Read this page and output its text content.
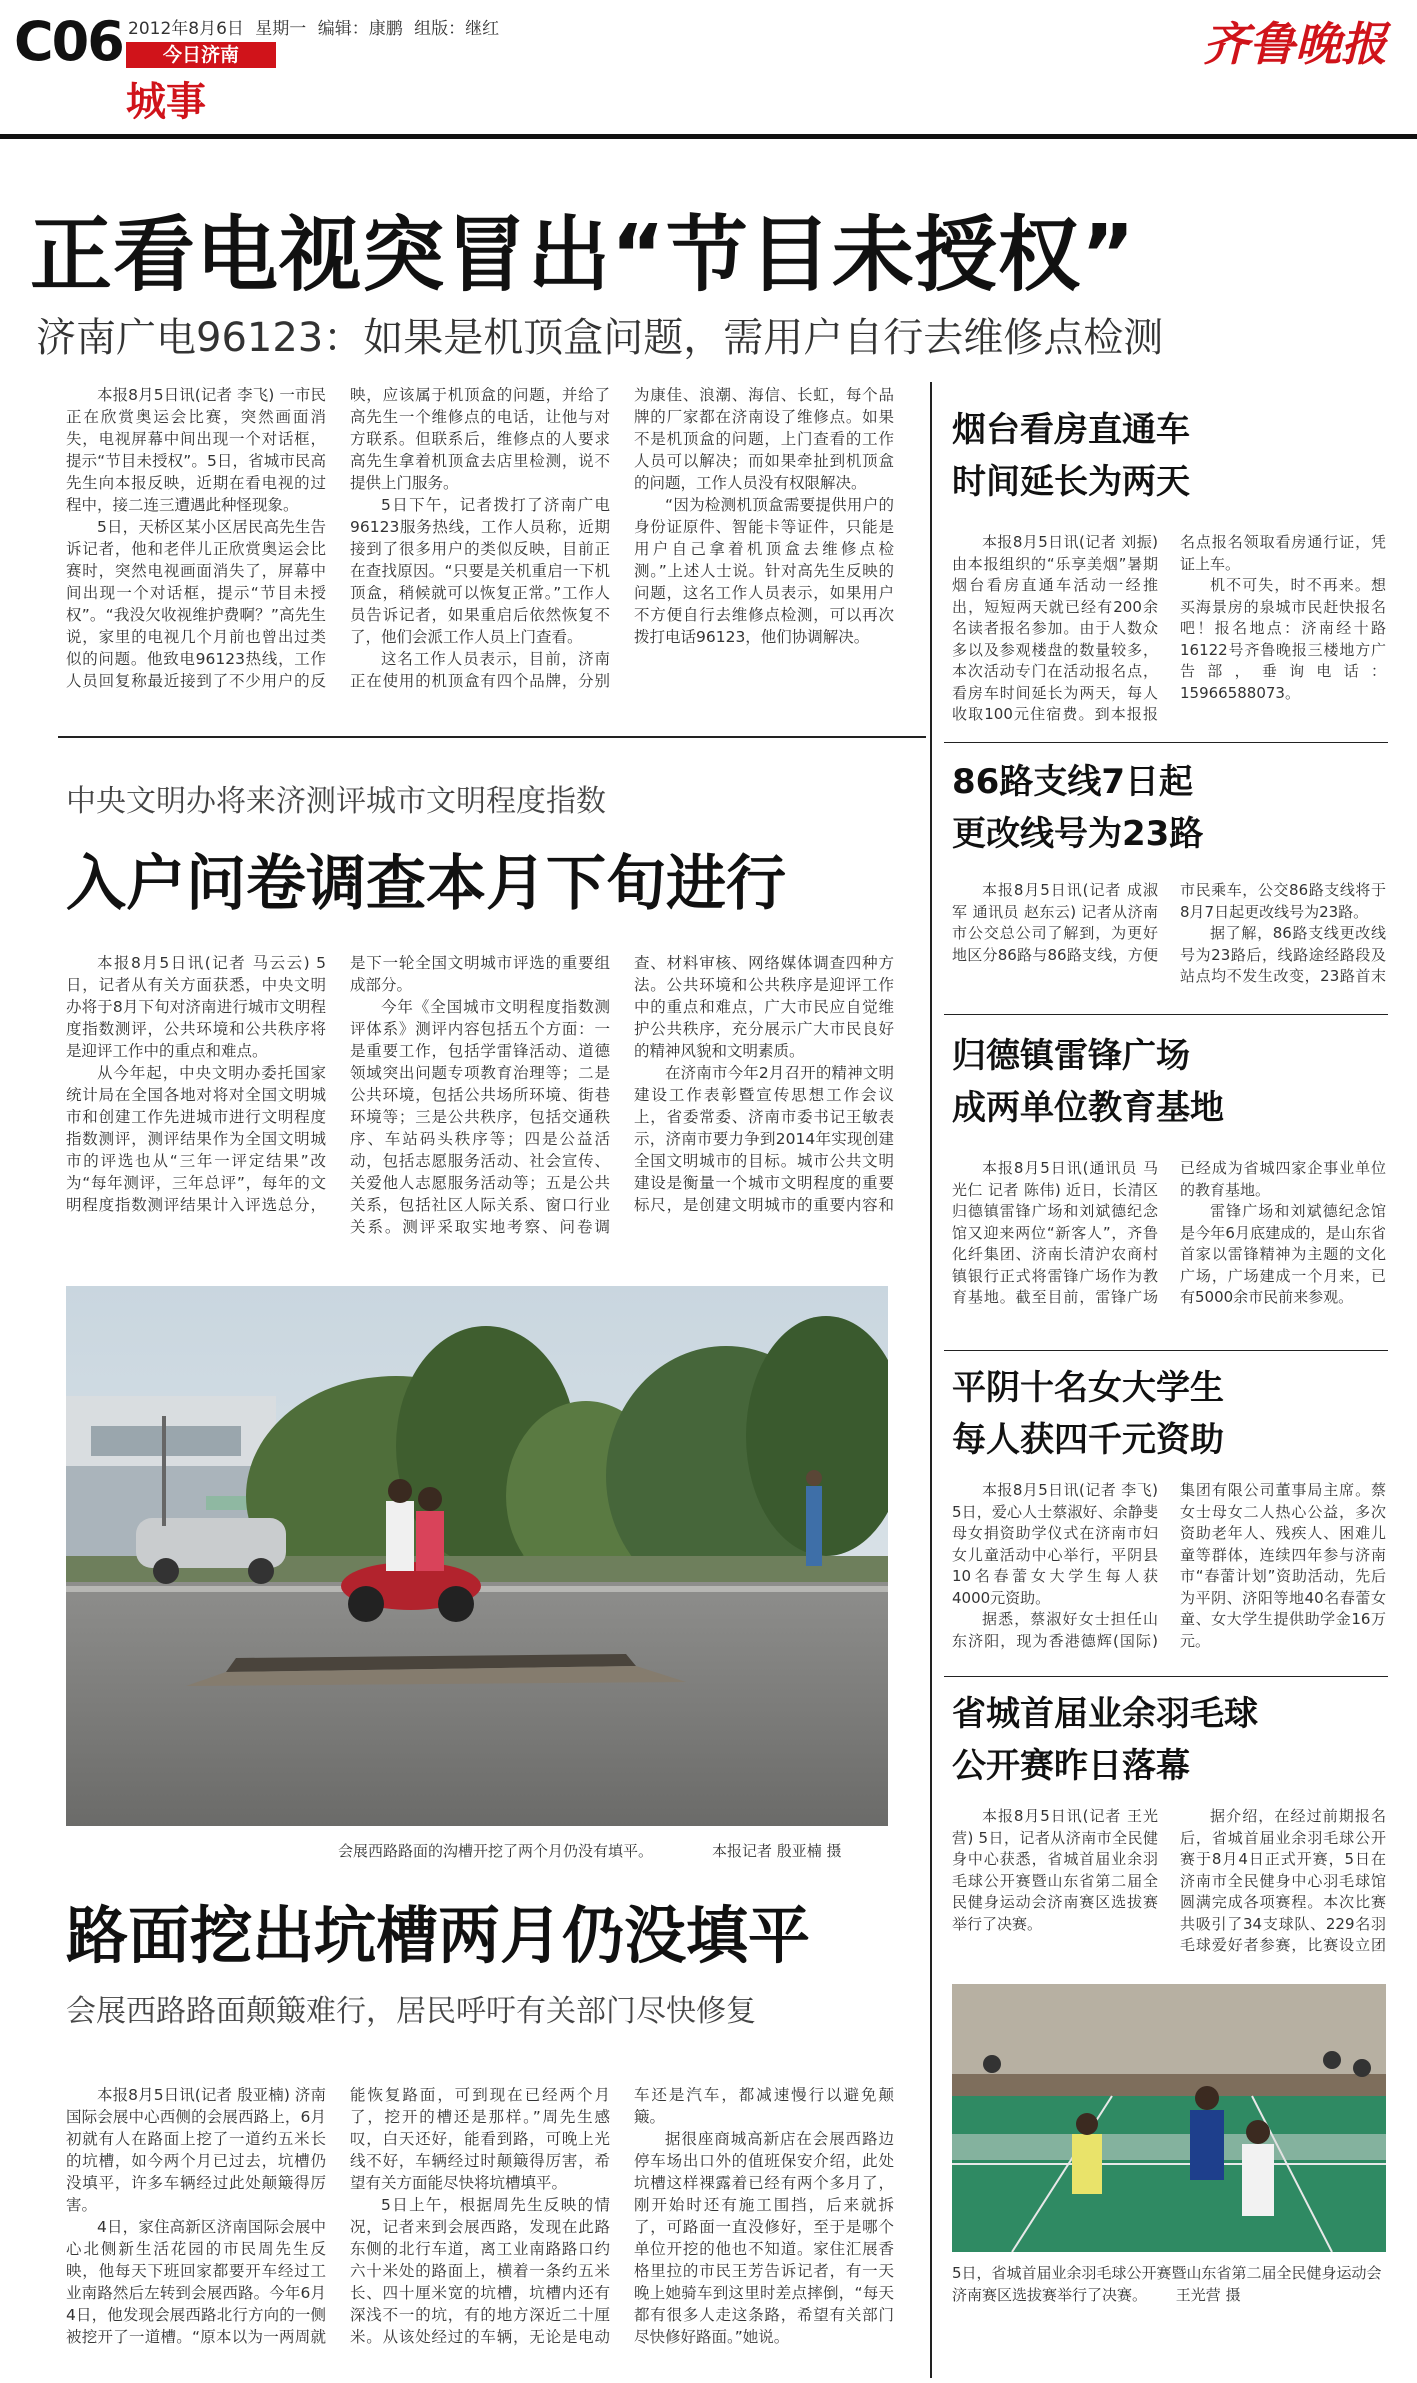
C06 2012年8月6日 星期一 编辑：康鹏 组版：继红
今日济南
城事
齐鲁晚报
正看电视突冒出“节目未授权”
济南广电96123：如果是机顶盒问题，需用户自行去维修点检测

本报8月5日讯(记者 李飞) 一市民正在欣赏奥运会比赛，突然画面消失，电视屏幕中间出现一个对话框，提示“节目未授权”。5日，省城市民高先生向本报反映，近期在看电视的过程中，接二连三遭遇此种怪现象。

5日，天桥区某小区居民高先生告诉记者，他和老伴儿正欣赏奥运会比赛时，突然电视画面消失了，屏幕中间出现一个对话框，提示“节目未授权”。“我没欠收视维护费啊？”高先生说，家里的电视几个月前也曾出过类似的问题。他致电96123热线，工作人员回复称最近接到了不少用户的反映，应该属于机顶盒的问题，并给了高先生一个维修点的电话，让他与对方联系。但联系后，维修点的人要求高先生拿着机顶盒去店里检测，说不提供上门服务。

5日下午，记者拨打了济南广电96123服务热线，工作人员称，近期接到了很多用户的类似反映，目前正在查找原因。“只要是关机重启一下机顶盒，稍候就可以恢复正常。”工作人员告诉记者，如果重启后依然恢复不了，他们会派工作人员上门查看。

这名工作人员表示，目前，济南正在使用的机顶盒有四个品牌，分别为康佳、浪潮、海信、长虹，每个品牌的厂家都在济南设了维修点。如果不是机顶盒的问题，上门查看的工作人员可以解决；而如果牵扯到机顶盒的问题，工作人员没有权限解决。

“因为检测机顶盒需要提供用户的身份证原件、智能卡等证件，只能是用户自己拿着机顶盒去维修点检测。”上述人士说。针对高先生反映的问题，这名工作人员表示，如果用户不方便自行去维修点检测，可以再次拨打电话96123，他们协调解决。

中央文明办将来济测评城市文明程度指数
入户问卷调查本月下旬进行

本报8月5日讯(记者 马云云) 5日，记者从有关方面获悉，中央文明办将于8月下旬对济南进行城市文明程度指数测评，公共环境和公共秩序将是迎评工作中的重点和难点。

从今年起，中央文明办委托国家统计局在全国各地对将对全国文明城市和创建工作先进城市进行文明程度指数测评，测评结果作为全国文明城市的评选也从“三年一评定结果”改为“每年测评，三年总评”，每年的文明程度指数测评结果计入评选总分，是下一轮全国文明城市评选的重要组成部分。

今年《全国城市文明程度指数测评体系》测评内容包括五个方面：一是重要工作，包括学雷锋活动、道德领域突出问题专项教育治理等；二是公共环境，包括公共场所环境、街巷环境等；三是公共秩序，包括交通秩序、车站码头秩序等；四是公益活动，包括志愿服务活动、社会宣传、关爱他人志愿服务活动等；五是公共关系，包括社区人际关系、窗口行业关系。测评采取实地考察、问卷调查、材料审核、网络媒体调查四种方法。公共环境和公共秩序是迎评工作中的重点和难点，广大市民应自觉维护公共秩序，充分展示广大市民良好的精神风貌和文明素质。

在济南市今年2月召开的精神文明建设工作表彰暨宣传思想工作会议上，省委常委、济南市委书记王敏表示，济南市要力争到2014年实现创建全国文明城市的目标。城市公共文明建设是衡量一个城市文明程度的重要标尺，是创建文明城市的重要内容和

会展西路路面的沟槽开挖了两个月仍没有填平。	本报记者 殷亚楠 摄
路面挖出坑槽两月仍没填平
会展西路路面颠簸难行，居民呼吁有关部门尽快修复

本报8月5日讯(记者 殷亚楠) 济南国际会展中心西侧的会展西路上，6月初就有人在路面上挖了一道约五米长的坑槽，如今两个月已过去，坑槽仍没填平，许多车辆经过此处颠簸得厉害。

4日，家住高新区济南国际会展中心北侧新生活花园的市民周先生反映，他每天下班回家都要开车经过工业南路然后左转到会展西路。今年6月4日，他发现会展西路北行方向的一侧被挖开了一道槽。“原本以为一两周就能恢复路面，可到现在已经两个月了，挖开的槽还是那样。”周先生感叹，白天还好，能看到路，可晚上光线不好，车辆经过时颠簸得厉害，希望有关方面能尽快将坑槽填平。

5日上午，根据周先生反映的情况，记者来到会展西路，发现在此路东侧的北行车道，离工业南路路口约六十米处的路面上，横着一条约五米长、四十厘米宽的坑槽，坑槽内还有深浅不一的坑，有的地方深近二十厘米。从该处经过的车辆，无论是电动车还是汽车，都减速慢行以避免颠簸。

据很座商城高新店在会展西路边停车场出口外的值班保安介绍，此处坑槽这样裸露着已经有两个多月了，刚开始时还有施工围挡，后来就拆了，可路面一直没修好，至于是哪个单位开挖的他也不知道。家住汇展香格里拉的市民王芳告诉记者，有一天晚上她骑车到这里时差点摔倒，“每天都有很多人走这条路，希望有关部门尽快修好路面。”她说。

烟台看房直通车
时间延长为两天

本报8月5日讯(记者 刘振) 由本报组织的“乐享美烟”暑期烟台看房直通车活动一经推出，短短两天就已经有200余名读者报名参加。由于人数众多以及参观楼盘的数量较多，本次活动专门在活动报名点，看房车时间延长为两天，每人收取100元住宿费。到本报报名点报名领取看房通行证，凭证上车。

机不可失，时不再来。想买海景房的泉城市民赶快报名吧！报名地点：济南经十路16122号齐鲁晚报三楼地方广告部，垂询电话：15966588073。

86路支线7日起
更改线号为23路

本报8月5日讯(记者 成淑军 通讯员 赵东云) 记者从济南市公交总公司了解到，为更好地区分86路与86路支线，方便市民乘车，公交86路支线将于8月7日起更改线号为23路。

据了解，86路支线更改线号为23路后，线路途经路段及站点均不发生改变，23路首末

归德镇雷锋广场
成两单位教育基地

本报8月5日讯(通讯员 马光仁 记者 陈伟) 近日，长清区归德镇雷锋广场和刘斌德纪念馆又迎来两位“新客人”，齐鲁化纤集团、济南长清沪农商村镇银行正式将雷锋广场作为教育基地。截至目前，雷锋广场已经成为省城四家企事业单位的教育基地。

雷锋广场和刘斌德纪念馆是今年6月底建成的，是山东省首家以雷锋精神为主题的文化广场，广场建成一个月来，已有5000余市民前来参观。

平阴十名女大学生
每人获四千元资助

本报8月5日讯(记者 李飞) 5日，爱心人士蔡淑好、余静斐母女捐资助学仪式在济南市妇女儿童活动中心举行，平阴县10名春蕾女大学生每人获4000元资助。

据悉，蔡淑好女士担任山东济阳，现为香港德辉(国际)集团有限公司董事局主席。蔡女士母女二人热心公益，多次资助老年人、残疾人、困难儿童等群体，连续四年参与济南市“春蕾计划”资助活动，先后为平阴、济阳等地40名春蕾女童、女大学生提供助学金16万元。

省城首届业余羽毛球
公开赛昨日落幕

本报8月5日讯(记者 王光营) 5日，记者从济南市全民健身中心获悉，省城首届业余羽毛球公开赛暨山东省第二届全民健身运动会济南赛区选拔赛举行了决赛。

据介绍，在经过前期报名后，省城首届业余羽毛球公开赛于8月4日正式开赛，5日在济南市全民健身中心羽毛球馆圆满完成各项赛程。本次比赛共吸引了34支球队、229名羽毛球爱好者参赛，比赛设立团

5日，省城首届业余羽毛球公开赛暨山东省第二届全民健身运动会济南赛区选拔赛举行了决赛。 王光营 摄
